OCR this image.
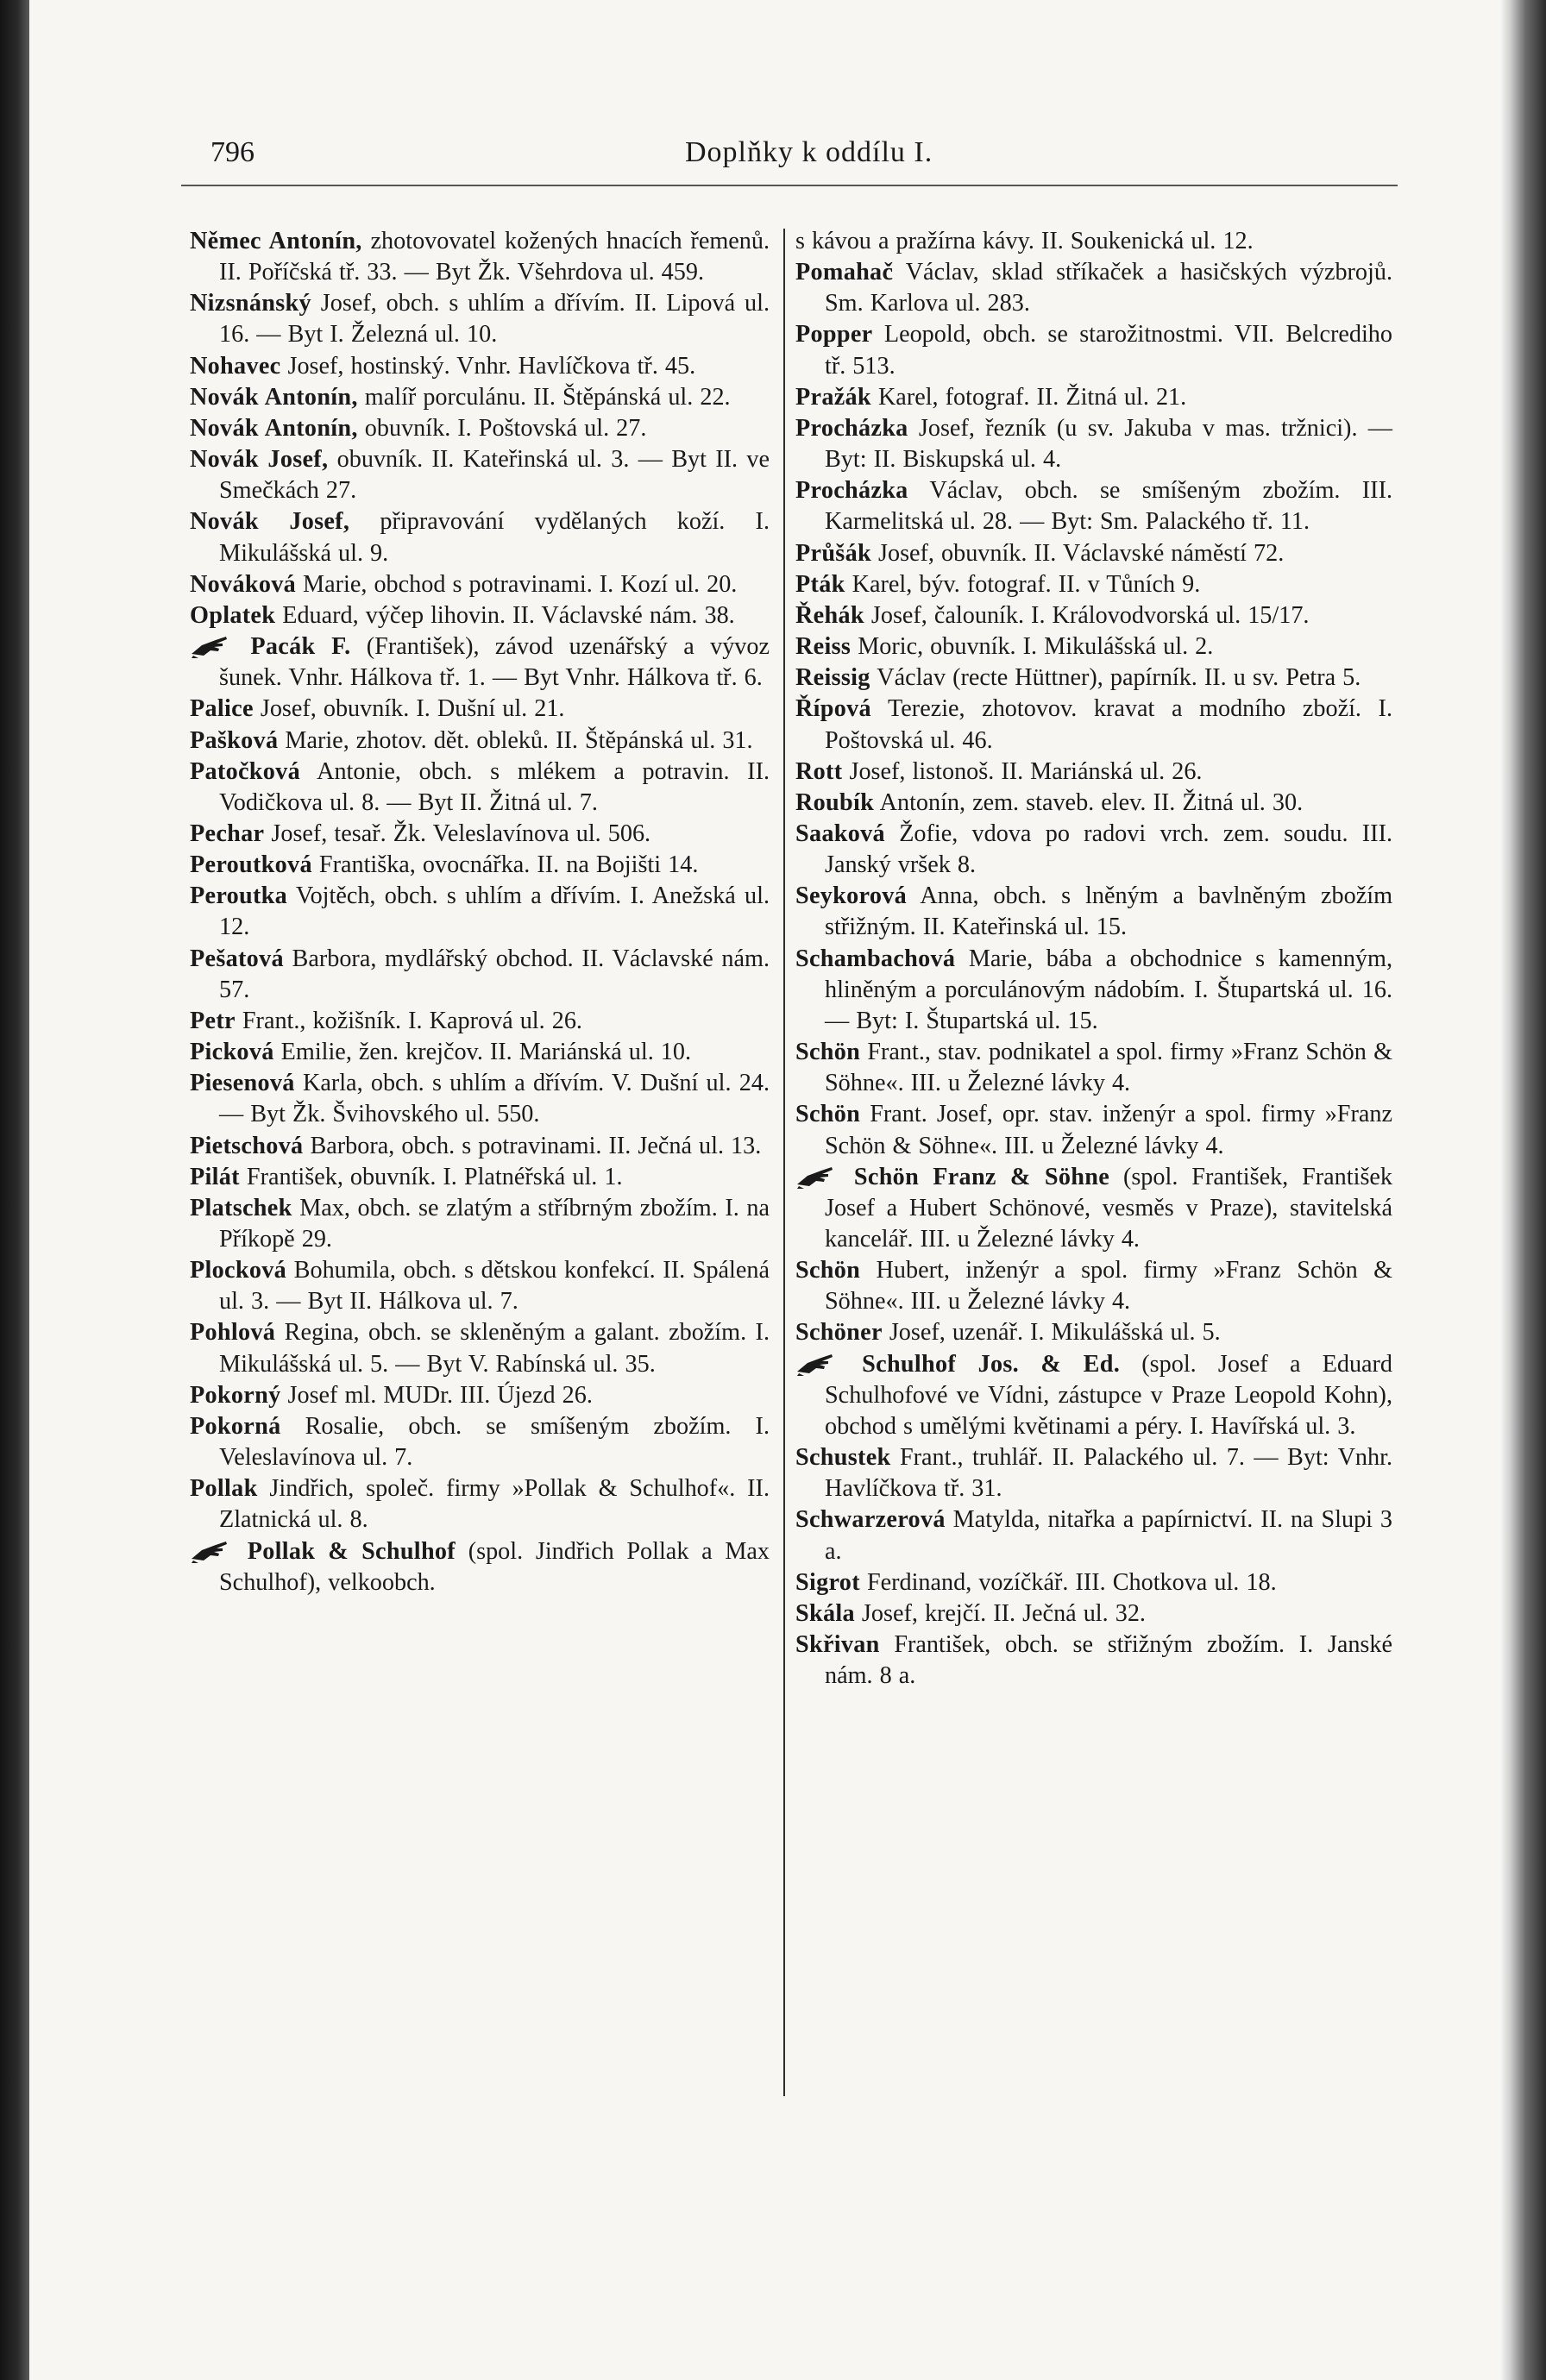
796	Doplňky k oddílu I.
Němec Antonín, zhotovovatel kožených hnacích řemenů. II. Poříčská tř. 33. — Byt Žk. Všehrdova ul. 459.
Nizsnánský Josef, obch. s uhlím a dřívím. II. Lipová ul. 16. — Byt I. Železná ul. 10.
Nohavec Josef, hostinský. Vnhr. Havlíčkova tř. 45.
Novák Antonín, malíř porculánu. II. Štěpánská ul. 22.
Novák Antonín, obuvník. I. Poštovská ul. 27.
Novák Josef, obuvník. II. Kateřinská ul. 3. — Byt II. ve Smečkách 27.
Novák Josef, připravování vydělaných koží. I. Mikulášská ul. 9.
Nováková Marie, obchod s potravinami. I. Kozí ul. 20.
Oplatek Eduard, výčep lihovin. II. Václavské nám. 38.
Pacák F. (František), závod uzenářský a vývoz šunek. Vnhr. Hálkova tř. 1. — Byt Vnhr. Hálkova tř. 6.
Palice Josef, obuvník. I. Dušní ul. 21.
Pašková Marie, zhotov. dět. obleků. II. Štěpánská ul. 31.
Patočková Antonie, obch. s mlékem a potravin. II. Vodičkova ul. 8. — Byt II. Žitná ul. 7.
Pechar Josef, tesař. Žk. Veleslavínova ul. 506.
Peroutková Františka, ovocnářka. II. na Bojišti 14.
Peroutka Vojtěch, obch. s uhlím a dřívím. I. Anežská ul. 12.
Pešatová Barbora, mydlářský obchod. II. Václavské nám. 57.
Petr Frant., kožišník. I. Kaprová ul. 26.
Picková Emilie, žen. krejčov. II. Mariánská ul. 10.
Piesenová Karla, obch. s uhlím a dřívím. V. Dušní ul. 24. — Byt Žk. Švihovského ul. 550.
Pietschová Barbora, obch. s potravinami. II. Ječná ul. 13.
Pilát František, obuvník. I. Platnéřská ul. 1.
Platschek Max, obch. se zlatým a stříbrným zbožím. I. na Příkopě 29.
Plocková Bohumila, obch. s dětskou konfekcí. II. Spálená ul. 3. — Byt II. Hálkova ul. 7.
Pohlová Regina, obch. se skleněným a galant. zbožím. I. Mikulášská ul. 5. — Byt V. Rabínská ul. 35.
Pokorný Josef ml. MUDr. III. Újezd 26.
Pokorná Rosalie, obch. se smíšeným zbožím. I. Veleslavínova ul. 7.
Pollak Jindřich, společ. firmy »Pollak & Schulhof«. II. Zlatnická ul. 8.
Pollak & Schulhof (spol. Jindřich Pollak a Max Schulhof), velkoobch.
s kávou a pražírna kávy. II. Soukenická ul. 12.
Pomahač Václav, sklad stříkaček a hasičských výzbrojů. Sm. Karlova ul. 283.
Popper Leopold, obch. se starožitnostmi. VII. Belcrediho tř. 513.
Pražák Karel, fotograf. II. Žitná ul. 21.
Procházka Josef, řezník (u sv. Jakuba v mas. tržnici). — Byt: II. Biskupská ul. 4.
Procházka Václav, obch. se smíšeným zbožím. III. Karmelitská ul. 28. — Byt: Sm. Palackého tř. 11.
Průšák Josef, obuvník. II. Václavské náměstí 72.
Pták Karel, býv. fotograf. II. v Tůních 9.
Řehák Josef, čalouník. I. Královodvorská ul. 15/17.
Reiss Moric, obuvník. I. Mikulášská ul. 2.
Reissig Václav (recte Hüttner), papírník. II. u sv. Petra 5.
Řípová Terezie, zhotovov. kravat a modního zboží. I. Poštovská ul. 46.
Rott Josef, listonoš. II. Mariánská ul. 26.
Roubík Antonín, zem. staveb. elev. II. Žitná ul. 30.
Saaková Žofie, vdova po radovi vrch. zem. soudu. III. Janský vršek 8.
Seykorová Anna, obch. s lněným a bavlněným zbožím střižným. II. Kateřinská ul. 15.
Schambachová Marie, bába a obchodnice s kamenným, hliněným a porculánovým nádobím. I. Štupartská ul. 16. — Byt: I. Štupartská ul. 15.
Schön Frant., stav. podnikatel a spol. firmy »Franz Schön & Söhne«. III. u Železné lávky 4.
Schön Frant. Josef, opr. stav. inženýr a spol. firmy »Franz Schön & Söhne«. III. u Železné lávky 4.
Schön Franz & Söhne (spol. František, František Josef a Hubert Schönové, vesměs v Praze), stavitelská kancelář. III. u Železné lávky 4.
Schön Hubert, inženýr a spol. firmy »Franz Schön & Söhne«. III. u Železné lávky 4.
Schöner Josef, uzenář. I. Mikulášská ul. 5.
Schulhof Jos. & Ed. (spol. Josef a Eduard Schulhofové ve Vídni, zástupce v Praze Leopold Kohn), obchod s umělými květinami a péry. I. Havířská ul. 3.
Schustek Frant., truhlář. II. Palackého ul. 7. — Byt: Vnhr. Havlíčkova tř. 31.
Schwarzerová Matylda, nitařka a papírnictví. II. na Slupi 3 a.
Sigrot Ferdinand, vozíčkář. III. Chotkova ul. 18.
Skála Josef, krejčí. II. Ječná ul. 32.
Skřivan František, obch. se střižným zbožím. I. Janské nám. 8 a.
